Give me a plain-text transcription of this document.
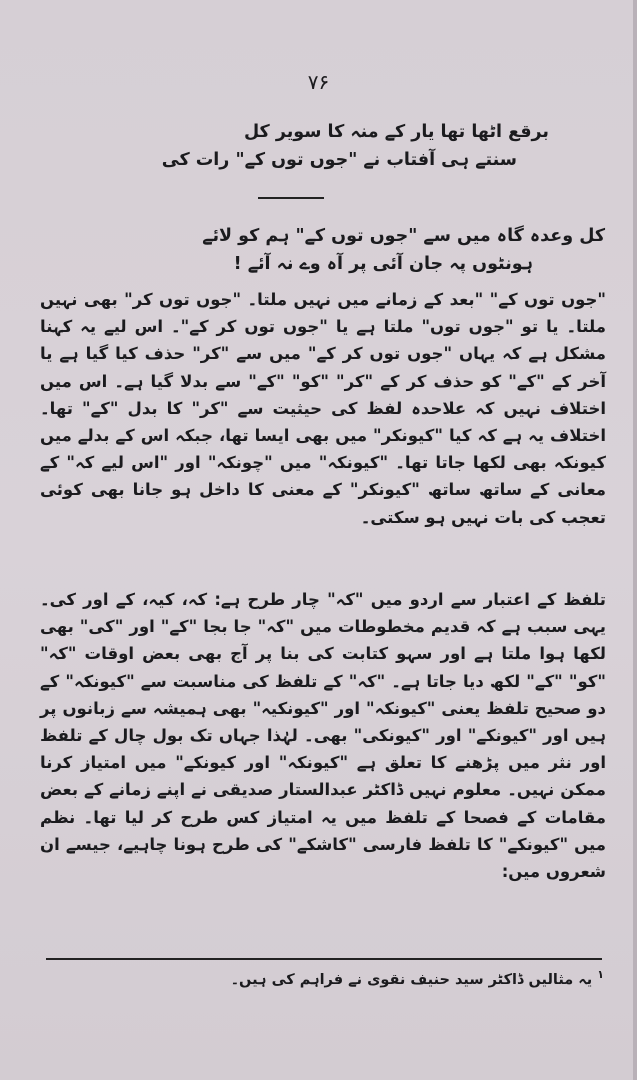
۷۶
برقع اٹھا تھا یار کے منہ کا سویر کل
سنتے ہی آفتاب نے "جوں توں کے" رات کی
کل وعدہ گاہ میں سے "جوں توں کے" ہم کو لائے
ہونٹوں پہ جان آئی پر آہ وے نہ آئے !

"جوں توں کے" "بعد کے زمانے میں نہیں ملتا۔ "جوں توں کر" بھی نہیں ملتا۔ یا تو "جوں توں" ملتا ہے یا "جوں توں کر کے"۔ اس لیے یہ کہنا مشکل ہے کہ یہاں "جوں توں کر کے" میں سے "کر" حذف کیا گیا ہے یا آخر کے "کے" کو حذف کر کے "کر" "کو" "کے" سے بدلا گیا ہے۔ اس میں اختلاف نہیں کہ علاحدہ لفظ کی حیثیت سے "کر" کا بدل "کے" تھا۔ اختلاف یہ ہے کہ کیا "کیونکر" میں بھی ایسا تھا، جبکہ اس کے بدلے میں کیونکہ بھی لکھا جاتا تھا۔ "کیونکہ" میں "چونکہ" اور "اس لیے کہ" کے معانی کے ساتھ ساتھ "کیونکر" کے معنی کا داخل ہو جانا بھی کوئی تعجب کی بات نہیں ہو سکتی۔

تلفظ کے اعتبار سے اردو میں "کہ" چار طرح ہے: کہ، کیہ، کے اور کی۔ یہی سبب ہے کہ قدیم مخطوطات میں "کہ" جا بجا "کے" اور "کی" بھی لکھا ہوا ملتا ہے اور سہو کتابت کی بنا پر آج بھی بعض اوقات "کہ" "کو" "کے" لکھ دیا جاتا ہے۔ "کہ" کے تلفظ کی مناسبت سے "کیونکہ" کے دو صحیح تلفظ یعنی "کیونکہ" اور "کیونکیہ" بھی ہمیشہ سے زبانوں پر ہیں اور "کیونکے" اور "کیونکی" بھی۔ لہٰذا جہاں تک بول چال کے تلفظ اور نثر میں پڑھنے کا تعلق ہے "کیونکہ" اور کیونکے" میں امتیاز کرنا ممکن نہیں۔ معلوم نہیں ڈاکٹر عبدالستار صدیقی نے اپنے زمانے کے بعض مقامات کے فصحا کے تلفظ میں یہ امتیاز کس طرح کر لیا تھا۔ نظم میں "کیونکے" کا تلفظ فارسی "کاشکے" کی طرح ہونا چاہیے، جیسے ان شعروں میں:

$^۱$ یہ مثالیں ڈاکٹر سید حنیف نقوی نے فراہم کی ہیں۔
